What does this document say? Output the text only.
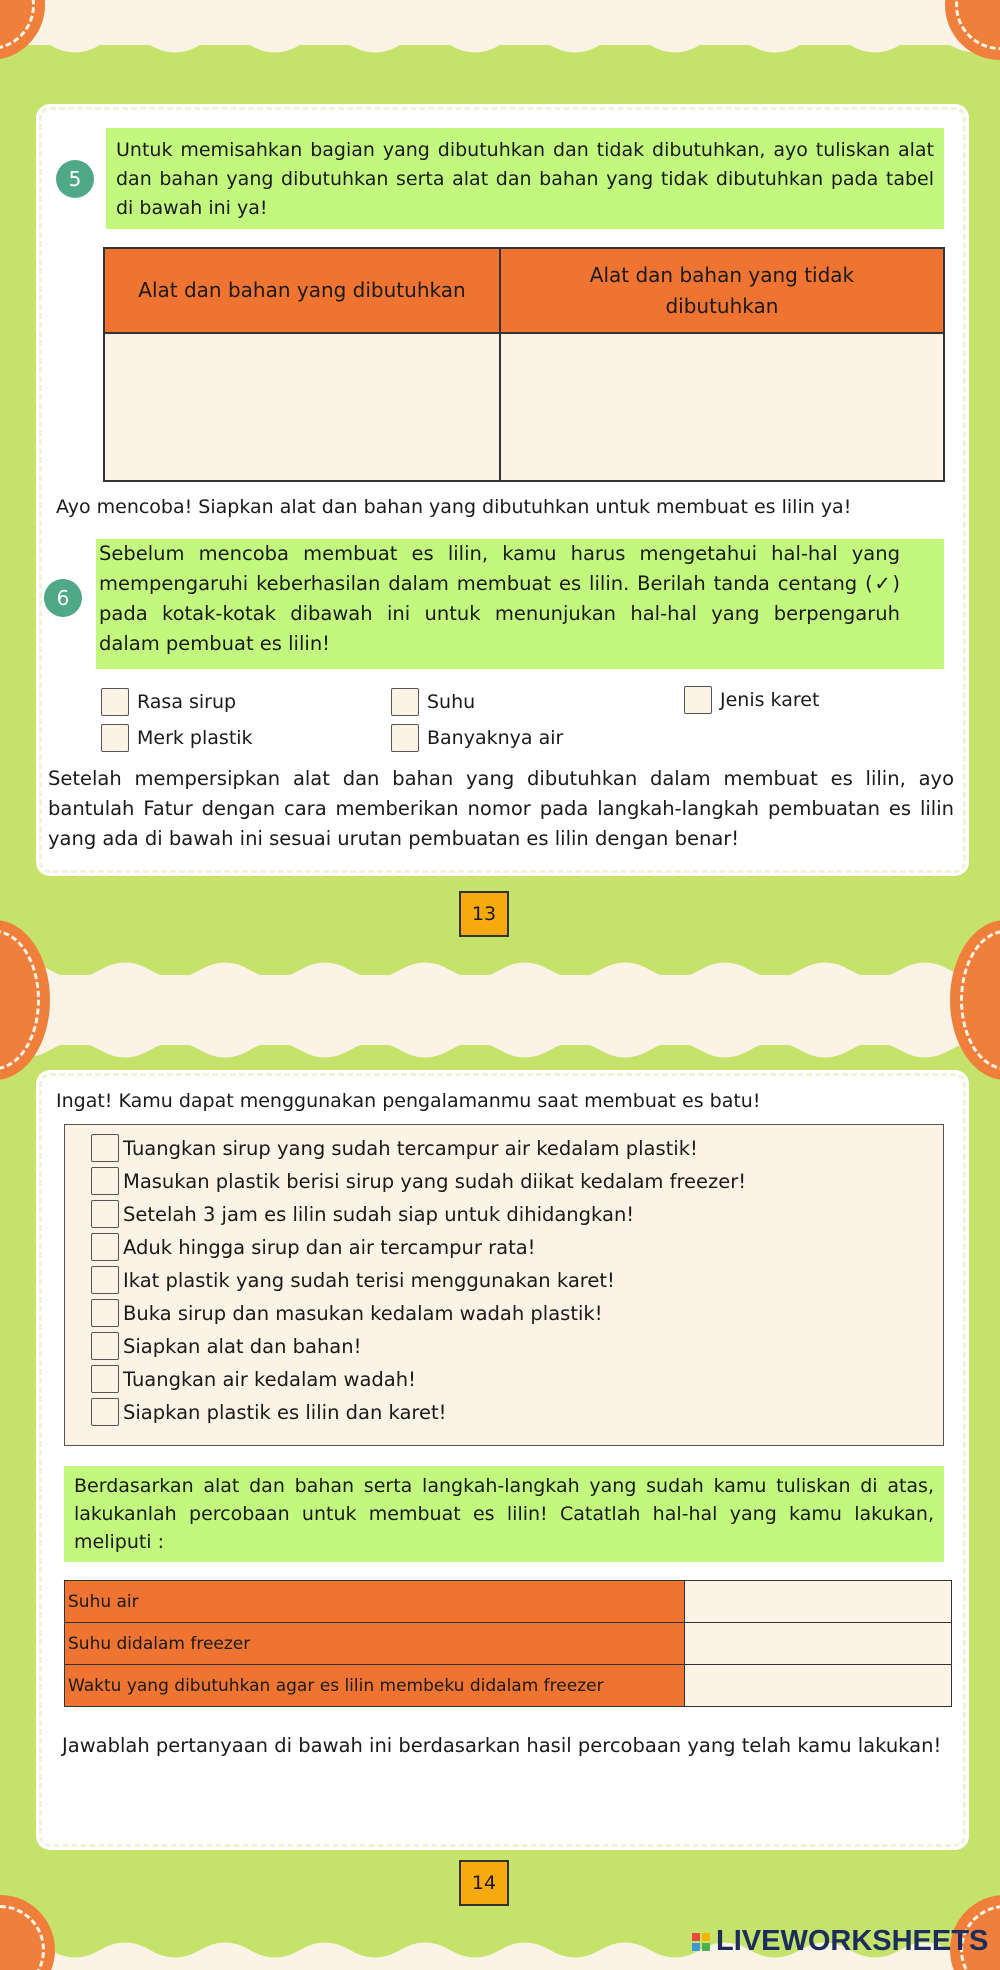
5
Untuk memisahkan bagian yang dibutuhkan dan tidak dibutuhkan, ayo tuliskan alat dan bahan yang dibutuhkan serta alat dan bahan yang tidak dibutuhkan pada tabel di bawah ini ya!
Alat dan bahan yang dibutuhkan	Alat dan bahan yang tidak dibutuhkan

Ayo mencoba! Siapkan alat dan bahan yang dibutuhkan untuk membuat es lilin ya!
6
Sebelum mencoba membuat es lilin, kamu harus mengetahui hal-hal yang mempengaruhi keberhasilan dalam membuat es lilin. Berilah tanda centang (✓) pada kotak-kotak dibawah ini untuk menunjukan hal-hal yang berpengaruh dalam pembuat es lilin!
Rasa sirup	Suhu	Jenis karet
Merk plastik	Banyaknya air
Setelah mempersipkan alat dan bahan yang dibutuhkan dalam membuat es lilin, ayo bantulah Fatur dengan cara memberikan nomor pada langkah-langkah pembuatan es lilin yang ada di bawah ini sesuai urutan pembuatan es lilin dengan benar!
13
Ingat! Kamu dapat menggunakan pengalamanmu saat membuat es batu!
Tuangkan sirup yang sudah tercampur air kedalam plastik!
Masukan plastik berisi sirup yang sudah diikat kedalam freezer!
Setelah 3 jam es lilin sudah siap untuk dihidangkan!
Aduk hingga sirup dan air tercampur rata!
Ikat plastik yang sudah terisi menggunakan karet!
Buka sirup dan masukan kedalam wadah plastik!
Siapkan alat dan bahan!
Tuangkan air kedalam wadah!
Siapkan plastik es lilin dan karet!
Berdasarkan alat dan bahan serta langkah-langkah yang sudah kamu tuliskan di atas, lakukanlah percobaan untuk membuat es lilin! Catatlah hal-hal yang kamu lakukan, meliputi :
Suhu air	
Suhu didalam freezer	
Waktu yang dibutuhkan agar es lilin membeku didalam freezer	
Jawablah pertanyaan di bawah ini berdasarkan hasil percobaan yang telah kamu lakukan!
14
LIVEWORKSHEETS
